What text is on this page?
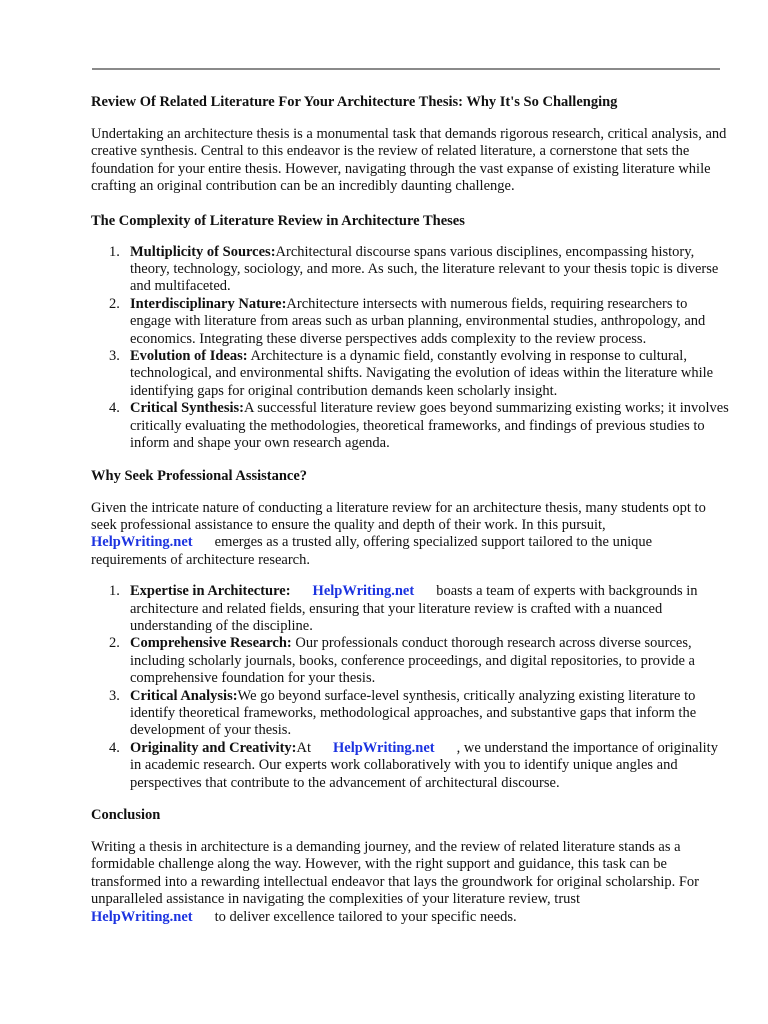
Review Of Related Literature For Your Architecture Thesis: Why It's So Challenging

Undertaking an architecture thesis is a monumental task that demands rigorous research, critical analysis, and creative synthesis. Central to this endeavor is the review of related literature, a cornerstone that sets the foundation for your entire thesis. However, navigating through the vast expanse of existing literature while crafting an original contribution can be an incredibly daunting challenge.

The Complexity of Literature Review in Architecture Theses
1. Multiplicity of Sources:Architectural discourse spans various disciplines, encompassing history, theory, technology, sociology, and more. As such, the literature relevant to your thesis topic is diverse and multifaceted.
2. Interdisciplinary Nature:Architecture intersects with numerous fields, requiring researchers to engage with literature from areas such as urban planning, environmental studies, anthropology, and economics. Integrating these diverse perspectives adds complexity to the review process.
3. Evolution of Ideas: Architecture is a dynamic field, constantly evolving in response to cultural, technological, and environmental shifts. Navigating the evolution of ideas within the literature while identifying gaps for original contribution demands keen scholarly insight.
4. Critical Synthesis:A successful literature review goes beyond summarizing existing works; it involves critically evaluating the methodologies, theoretical frameworks, and findings of previous studies to inform and shape your own research agenda.
Why Seek Professional Assistance?

Given the intricate nature of conducting a literature review for an architecture thesis, many students opt to seek professional assistance to ensure the quality and depth of their work. In this pursuit,
HelpWriting.net emerges as a trusted ally, offering specialized support tailored to the unique requirements of architecture research.

1. Expertise in Architecture: HelpWriting.net boasts a team of experts with backgrounds in architecture and related fields, ensuring that your literature review is crafted with a nuanced understanding of the discipline.
2. Comprehensive Research: Our professionals conduct thorough research across diverse sources, including scholarly journals, books, conference proceedings, and digital repositories, to provide a comprehensive foundation for your thesis.
3. Critical Analysis:We go beyond surface-level synthesis, critically analyzing existing literature to identify theoretical frameworks, methodological approaches, and substantive gaps that inform the development of your thesis.
4. Originality and Creativity:At HelpWriting.net , we understand the importance of originality in academic research. Our experts work collaboratively with you to identify unique angles and perspectives that contribute to the advancement of architectural discourse.
Conclusion

Writing a thesis in architecture is a demanding journey, and the review of related literature stands as a formidable challenge along the way. However, with the right support and guidance, this task can be transformed into a rewarding intellectual endeavor that lays the groundwork for original scholarship. For unparalleled assistance in navigating the complexities of your literature review, trust
HelpWriting.net to deliver excellence tailored to your specific needs.
